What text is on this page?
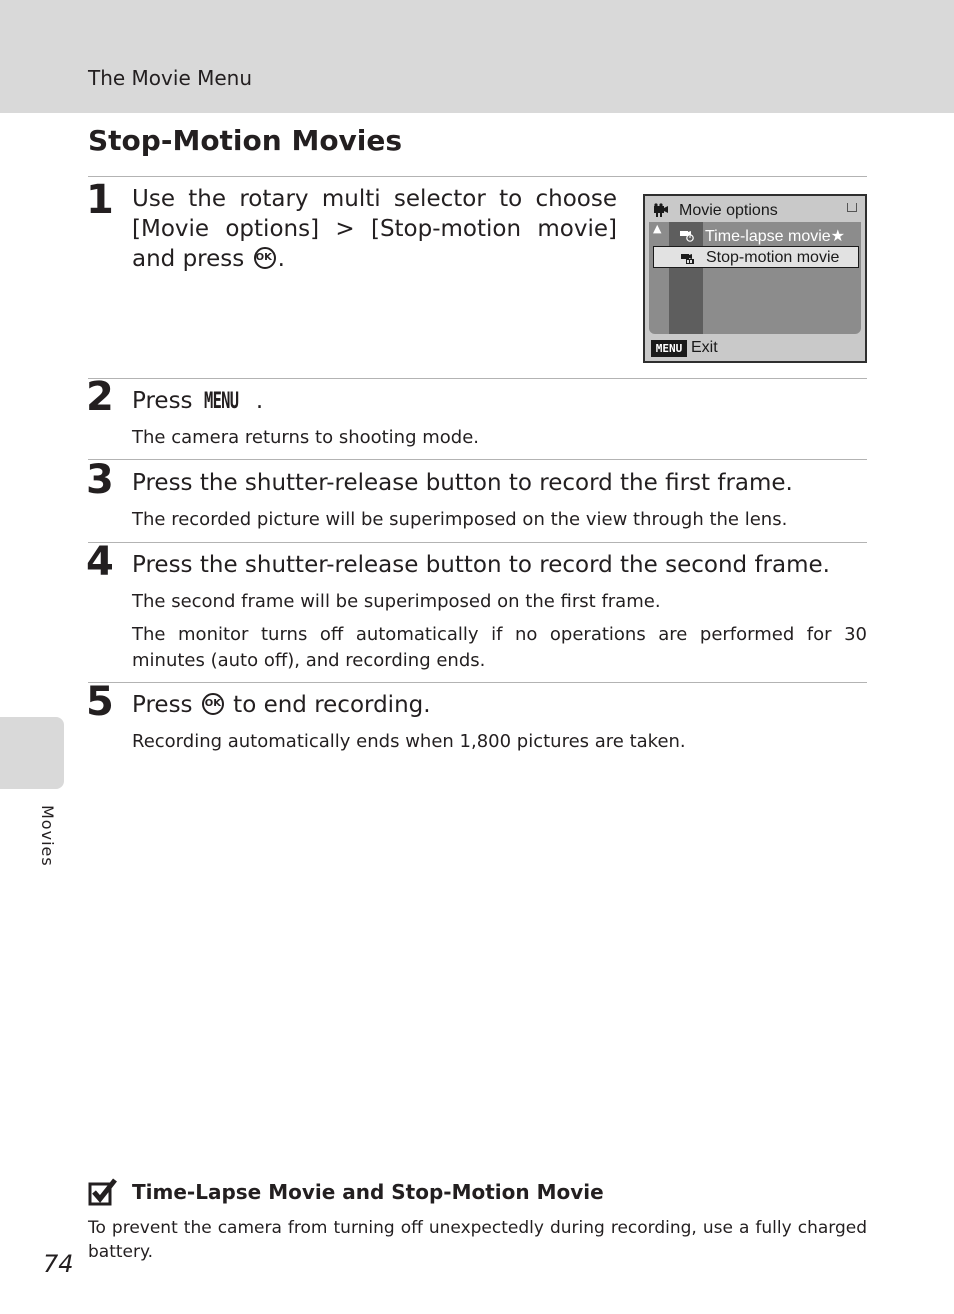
The Movie Menu
Stop-Motion Movies
1 Use the rotary multi selector to choose [Movie options] > [Stop-motion movie] and press OK .
Movie options
▲	Time-lapse movie★
Stop-motion movie
MENU Exit
2 Press MENU .
The camera returns to shooting mode.
3 Press the shutter-release button to record the first frame.
The recorded picture will be superimposed on the view through the lens.
4 Press the shutter-release button to record the second frame.
The second frame will be superimposed on the first frame.
The monitor turns off automatically if no operations are performed for 30 minutes (auto off), and recording ends.
5 Press OK to end recording.
Recording automatically ends when 1,800 pictures are taken.
Movies
Time-Lapse Movie and Stop-Motion Movie
To prevent the camera from turning off unexpectedly during recording, use a fully charged battery.
74
